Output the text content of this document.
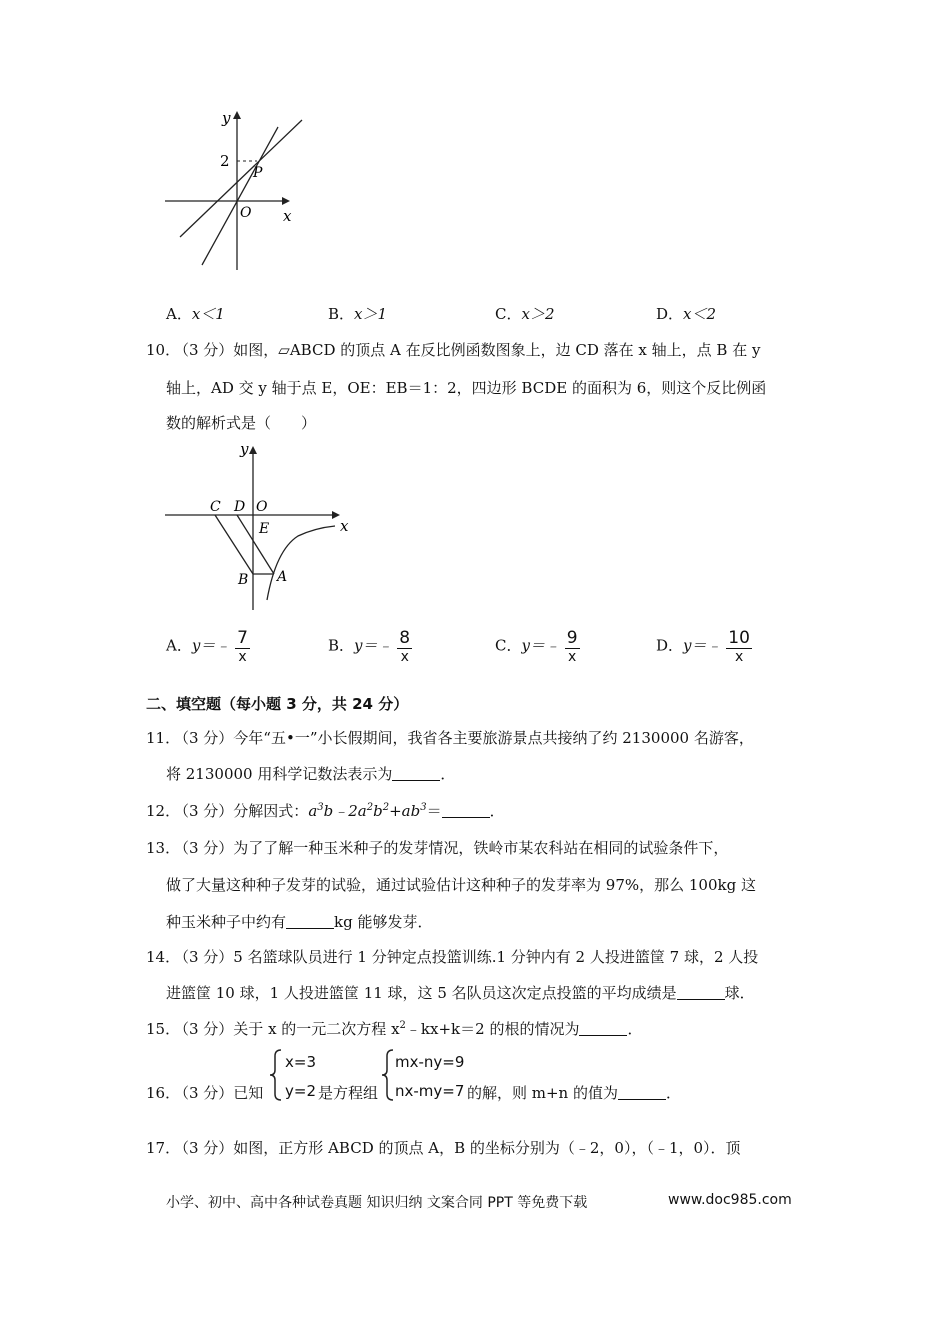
y
2
P
O x
A．x＜1	B．x＞1	C．x＞2	D．x＜2
10．
（3 分）如图，▱ABCD 的顶点 A 在反比例函数图象上，边 CD 落在 x 轴上，点 B 在 y
轴上，AD 交 y 轴于点 E，OE：EB＝1：2，四边形 BCDE 的面积为 6，则这个反比例函
数的解析式是（　　）
y
C D O
E	x
B A
A．y＝﹣ $\frac{7}{x}$	B．y＝﹣ $\frac{8}{x}$	C．y＝﹣ $\frac{9}{x}$	D．y＝﹣ $\frac{10}{x}$
二、填空题（每小题 3 分，共 24 分）
11．
（3 分）今年“五•一”小长假期间，我省各主要旅游景点共接纳了约 2130000 名游客，
将 2130000 用科学记数法表示为	．
12．
（3 分）分解因式：$a^3b﹣2a^2b^2+ab^3=$	．
13．
（3 分）为了了解一种玉米种子的发芽情况，铁岭市某农科站在相同的试验条件下，
做了大量这种种子发芽的试验，通过试验估计这种种子的发芽率为 97%，那么 100kg 这
种玉米种子中约有	kg 能够发芽．
14．
（3 分）5 名篮球队员进行 1 分钟定点投篮训练.1 分钟内有 2 人投进篮筐 7 球，2 人投
进篮筐 10 球，1 人投进篮筐 11 球，这 5 名队员这次定点投篮的平均成绩是	球．
15．
（3 分）关于 x 的一元二次方程 $x^2﹣kx+k=2$ 的根的情况为	．
16．
（3 分）已知
x=3
y=2 是方程组
mx-ny=9
nx-my=7 的解，则 m+n 的值为	．
17．
（3 分）如图，正方形 ABCD 的顶点 A，B 的坐标分别为（﹣2，0），（﹣1，0）．顶
小学、初中、高中各种试卷真题 知识归纳 文案合同 PPT 等免费下载	www.doc985.com
